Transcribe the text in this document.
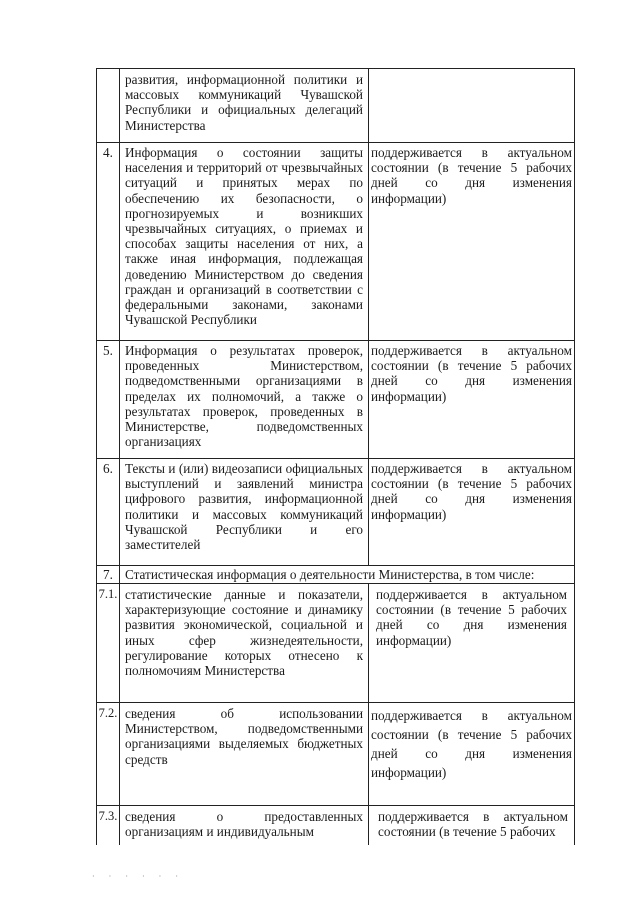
развития, информационной политики и массовых коммуникаций Чувашской Республики и официальных делегаций Министерства
4. Информация о состоянии защиты населения и территорий от чрезвычайных ситуаций и принятых мерах по обеспечению их безопасности, о прогнозируемых и возникших чрезвычайных ситуациях, о приемах и способах защиты населения от них, а также иная информация, подлежащая доведению Министерством до сведения граждан и организаций в соответствии с федеральными законами, законами Чувашской Республики
поддерживается в актуальном состоянии (в течение 5 рабочих дней со дня изменения информации)
5. Информация о результатах проверок, проведенных Министерством, подведомственными организациями в пределах их полномочий, а также о результатах проверок, проведенных в Министерстве, подведомственных организациях
поддерживается в актуальном состоянии (в течение 5 рабочих дней со дня изменения информации)
6. Тексты и (или) видеозаписи официальных выступлений и заявлений министра цифрового развития, информационной политики и массовых коммуникаций Чувашской Республики и его заместителей
поддерживается в актуальном состоянии (в течение 5 рабочих дней со дня изменения информации)
7. Статистическая информация о деятельности Министерства, в том числе:
7.1. статистические данные и показатели, характеризующие состояние и динамику развития экономической, социальной и иных сфер жизнедеятельности, регулирование которых отнесено к полномочиям Министерства
поддерживается в актуальном состоянии (в течение 5 рабочих дней со дня изменения информации)
7.2. сведения об использовании Министерством, подведомственными организациями выделяемых бюджетных средств
поддерживается в актуальном состоянии (в течение 5 рабочих дней со дня изменения информации)
7.3. сведения о предоставленных организациям и индивидуальным
поддерживается в актуальном состоянии (в течение 5 рабочих
· · · · · ·
